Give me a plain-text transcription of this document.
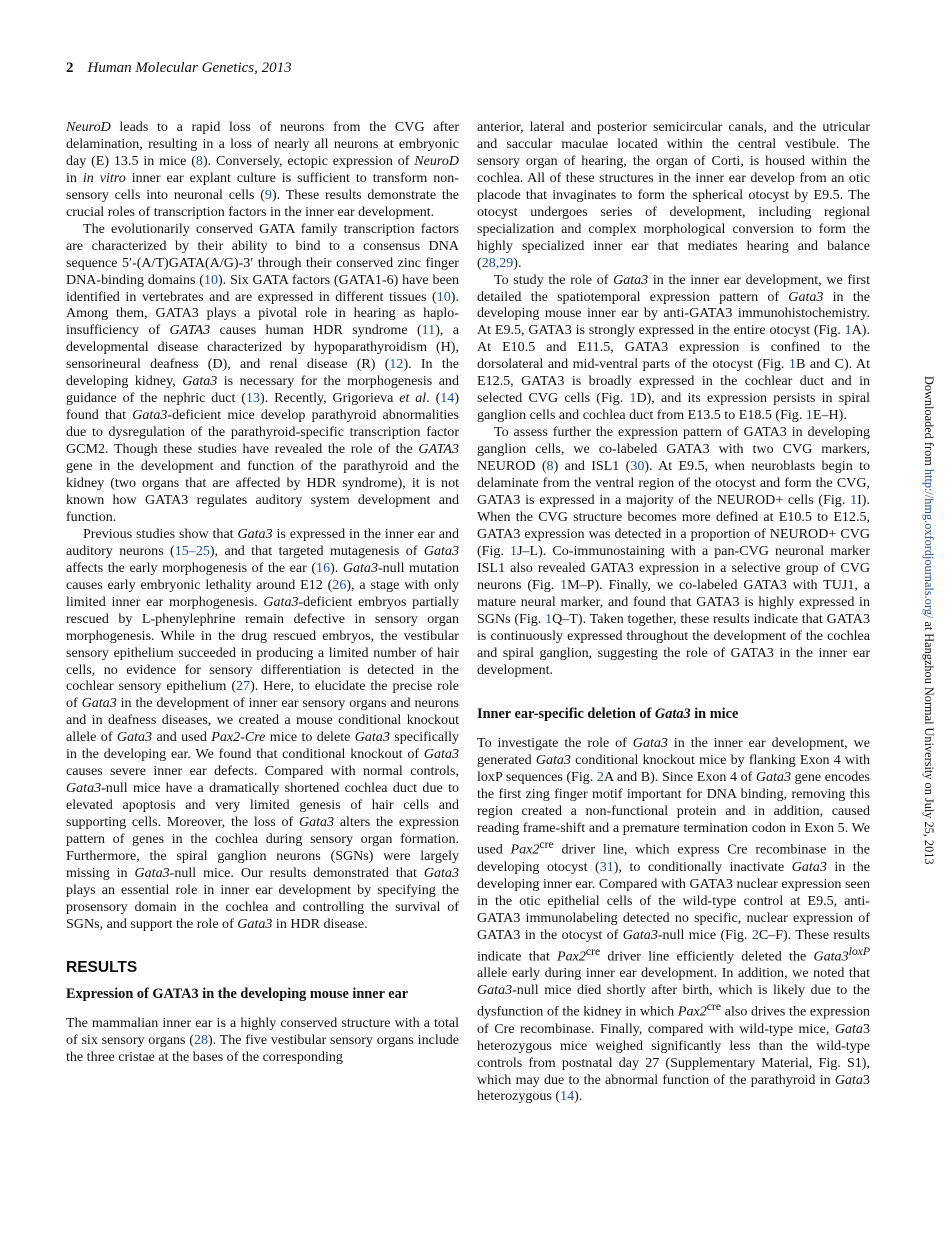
2 Human Molecular Genetics, 2013

NeuroD leads to a rapid loss of neurons from the CVG after delamination, resulting in a loss of nearly all neurons at embryonic day (E) 13.5 in mice (8). Conversely, ectopic expression of NeuroD in in vitro inner ear explant culture is sufficient to transform non-sensory cells into neuronal cells (9). These results demonstrate the crucial roles of transcription factors in the inner ear development.

The evolutionarily conserved GATA family transcription factors are characterized by their ability to bind to a consensus DNA sequence 5′-(A/T)GATA(A/G)-3′ through their conserved zinc finger DNA-binding domains (10). Six GATA factors (GATA1-6) have been identified in vertebrates and are expressed in different tissues (10). Among them, GATA3 plays a pivotal role in hearing as haplo-insufficiency of GATA3 causes human HDR syndrome (11), a developmental disease characterized by hypoparathyroidism (H), sensorineural deafness (D), and renal disease (R) (12). In the developing kidney, Gata3 is necessary for the morphogenesis and guidance of the nephric duct (13). Recently, Grigorieva et al. (14) found that Gata3-deficient mice develop parathyroid abnormalities due to dysregulation of the parathyroid-specific transcription factor GCM2. Though these studies have revealed the role of the GATA3 gene in the development and function of the parathyroid and the kidney (two organs that are affected by HDR syndrome), it is not known how GATA3 regulates auditory system development and function.

Previous studies show that Gata3 is expressed in the inner ear and auditory neurons (15–25), and that targeted mutagenesis of Gata3 affects the early morphogenesis of the ear (16). Gata3-null mutation causes early embryonic lethality around E12 (26), a stage with only limited inner ear morphogenesis. Gata3-deficient embryos partially rescued by L-phenylephrine remain defective in sensory organ morphogenesis. While in the drug rescued embryos, the vestibular sensory epithelium succeeded in producing a limited number of hair cells, no evidence for sensory differentiation is detected in the cochlear sensory epithelium (27). Here, to elucidate the precise role of Gata3 in the development of inner ear sensory organs and neurons and in deafness diseases, we created a mouse conditional knockout allele of Gata3 and used Pax2-Cre mice to delete Gata3 specifically in the developing ear. We found that conditional knockout of Gata3 causes severe inner ear defects. Compared with normal controls, Gata3-null mice have a dramatically shortened cochlea duct due to elevated apoptosis and very limited genesis of hair cells and supporting cells. Moreover, the loss of Gata3 alters the expression pattern of genes in the cochlea during sensory organ formation. Furthermore, the spiral ganglion neurons (SGNs) were largely missing in Gata3-null mice. Our results demonstrated that Gata3 plays an essential role in inner ear development by specifying the prosensory domain in the cochlea and controlling the survival of SGNs, and support the role of Gata3 in HDR disease.

RESULTS
Expression of GATA3 in the developing mouse inner ear

The mammalian inner ear is a highly conserved structure with a total of six sensory organs (28). The five vestibular sensory organs include the three cristae at the bases of the corresponding

anterior, lateral and posterior semicircular canals, and the utricular and saccular maculae located within the central vestibule. The sensory organ of hearing, the organ of Corti, is housed within the cochlea. All of these structures in the inner ear develop from an otic placode that invaginates to form the spherical otocyst by E9.5. The otocyst undergoes series of development, including regional specialization and complex morphological conversion to form the highly specialized inner ear that mediates hearing and balance (28,29).

To study the role of Gata3 in the inner ear development, we first detailed the spatiotemporal expression pattern of Gata3 in the developing mouse inner ear by anti-GATA3 immunohistochemistry. At E9.5, GATA3 is strongly expressed in the entire otocyst (Fig. 1A). At E10.5 and E11.5, GATA3 expression is confined to the dorsolateral and mid-ventral parts of the otocyst (Fig. 1B and C). At E12.5, GATA3 is broadly expressed in the cochlear duct and in selected CVG cells (Fig. 1D), and its expression persists in spiral ganglion cells and cochlea duct from E13.5 to E18.5 (Fig. 1E–H).

To assess further the expression pattern of GATA3 in developing ganglion cells, we co-labeled GATA3 with two CVG markers, NEUROD (8) and ISL1 (30). At E9.5, when neuroblasts begin to delaminate from the ventral region of the otocyst and form the CVG, GATA3 is expressed in a majority of the NEUROD+ cells (Fig. 1I). When the CVG structure becomes more defined at E10.5 to E12.5, GATA3 expression was detected in a proportion of NEUROD+ CVG (Fig. 1J–L). Co-immunostaining with a pan-CVG neuronal marker ISL1 also revealed GATA3 expression in a selective group of CVG neurons (Fig. 1M–P). Finally, we co-labeled GATA3 with TUJ1, a mature neural marker, and found that GATA3 is highly expressed in SGNs (Fig. 1Q–T). Taken together, these results indicate that GATA3 is continuously expressed throughout the development of the cochlea and spiral ganglion, suggesting the role of GATA3 in the inner ear development.

Inner ear-specific deletion of Gata3 in mice

To investigate the role of Gata3 in the inner ear development, we generated Gata3 conditional knockout mice by flanking Exon 4 with loxP sequences (Fig. 2A and B). Since Exon 4 of Gata3 gene encodes the first zing finger motif important for DNA binding, removing this region created a non-functional protein and in addition, caused reading frame-shift and a premature termination codon in Exon 5. We used $Pax2^{cre}$ driver line, which express Cre recombinase in the developing otocyst (31), to conditionally inactivate Gata3 in the developing inner ear. Compared with GATA3 nuclear expression seen in the otic epithelial cells of the wild-type control at E9.5, anti-GATA3 immunolabeling detected no specific, nuclear expression of GATA3 in the otocyst of Gata3-null mice (Fig. 2C–F). These results indicate that $Pax2^{cre}$ driver line efficiently deleted the $Gata3^{loxP}$ allele early during inner ear development. In addition, we noted that Gata3-null mice died shortly after birth, which is likely due to the dysfunction of the kidney in which $Pax2^{cre}$ also drives the expression of Cre recombinase. Finally, compared with wild-type mice, Gata3 heterozygous mice weighed significantly less than the wild-type controls from postnatal day 27 (Supplementary Material, Fig. S1), which may due to the abnormal function of the parathyroid in Gata3 heterozygous (14).

Downloaded from http://hmg.oxfordjournals.org/ at Hangzhou Normal University on July 25, 2013
